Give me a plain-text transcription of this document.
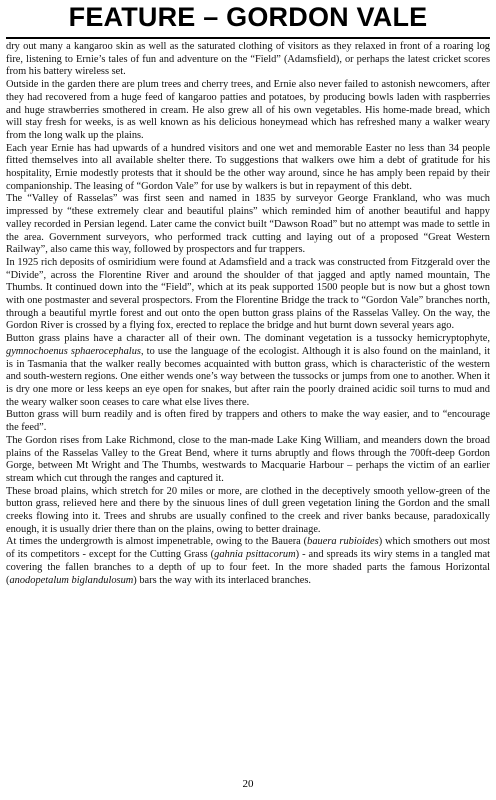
FEATURE – GORDON VALE

dry out many a kangaroo skin as well as the saturated clothing of visitors as they relaxed in front of a roaring log fire, listening to Ernie’s tales of fun and adventure on the “Field” (Adamsfield), or perhaps the latest cricket scores from his battery wireless set.

Outside in the garden there are plum trees and cherry trees, and Ernie also never failed to astonish newcomers, after they had recovered from a huge feed of kangaroo patties and potatoes, by producing bowls laden with raspberries and huge strawberries smothered in cream. He also grew all of his own vegetables. His home-made bread, which will stay fresh for weeks, is as well known as his delicious honeymead which has refreshed many a walker weary from the long walk up the plains.

Each year Ernie has had upwards of a hundred visitors and one wet and memorable Easter no less than 34 people fitted themselves into all available shelter there. To suggestions that walkers owe him a debt of gratitude for his hospitality, Ernie modestly protests that it should be the other way around, since he has amply been repaid by their companionship. The leasing of “Gordon Vale” for use by walkers is but in repayment of this debt.

The “Valley of Rasselas” was first seen and named in 1835 by surveyor George Frankland, who was much impressed by “these extremely clear and beautiful plains” which reminded him of another beautiful and happy valley recorded in Persian legend. Later came the convict built “Dawson Road” but no attempt was made to settle in the area. Government surveyors, who performed track cutting and laying out of a proposed “Great Western Railway”, also came this way, followed by prospectors and fur trappers.

In 1925 rich deposits of osmiridium were found at Adamsfield and a track was constructed from Fitzgerald over the “Divide”, across the Florentine River and around the shoulder of that jagged and aptly named mountain, The Thumbs. It continued down into the “Field”, which at its peak supported 1500 people but is now but a ghost town with one postmaster and several prospectors. From the Florentine Bridge the track to “Gordon Vale” branches north, through a beautiful myrtle forest and out onto the open button grass plains of the Rasselas Valley. On the way, the Gordon River is crossed by a flying fox, erected to replace the bridge and hut burnt down several years ago.

Button grass plains have a character all of their own. The dominant vegetation is a tussocky hemicryptophyte, gymnochoenus sphaerocephalus, to use the language of the ecologist. Although it is also found on the mainland, it is in Tasmania that the walker really becomes acquainted with button grass, which is characteristic of the western and south-western regions. One either wends one’s way between the tussocks or jumps from one to another. When it is dry one more or less keeps an eye open for snakes, but after rain the poorly drained acidic soil turns to mud and the weary walker soon ceases to care what else lives there.

Button grass will burn readily and is often fired by trappers and others to make the way easier, and to “encourage the feed”.

The Gordon rises from Lake Richmond, close to the man-made Lake King William, and meanders down the broad plains of the Rasselas Valley to the Great Bend, where it turns abruptly and flows through the 700ft-deep Gordon Gorge, between Mt Wright and The Thumbs, westwards to Macquarie Harbour – perhaps the victim of an earlier stream which cut through the ranges and captured it.

These broad plains, which stretch for 20 miles or more, are clothed in the deceptively smooth yellow-green of the button grass, relieved here and there by the sinuous lines of dull green vegetation lining the Gordon and the small creeks flowing into it. Trees and shrubs are usually confined to the creek and river banks because, paradoxically enough, it is usually drier there than on the plains, owing to better drainage.

At times the undergrowth is almost impenetrable, owing to the Bauera (bauera rubioides) which smothers out most of its competitors - except for the Cutting Grass (gahnia psittacorum) - and spreads its wiry stems in a tangled mat covering the fallen branches to a depth of up to four feet. In the more shaded parts the famous Horizontal (anodopetalum biglandulosum) bars the way with its interlaced branches.

20
